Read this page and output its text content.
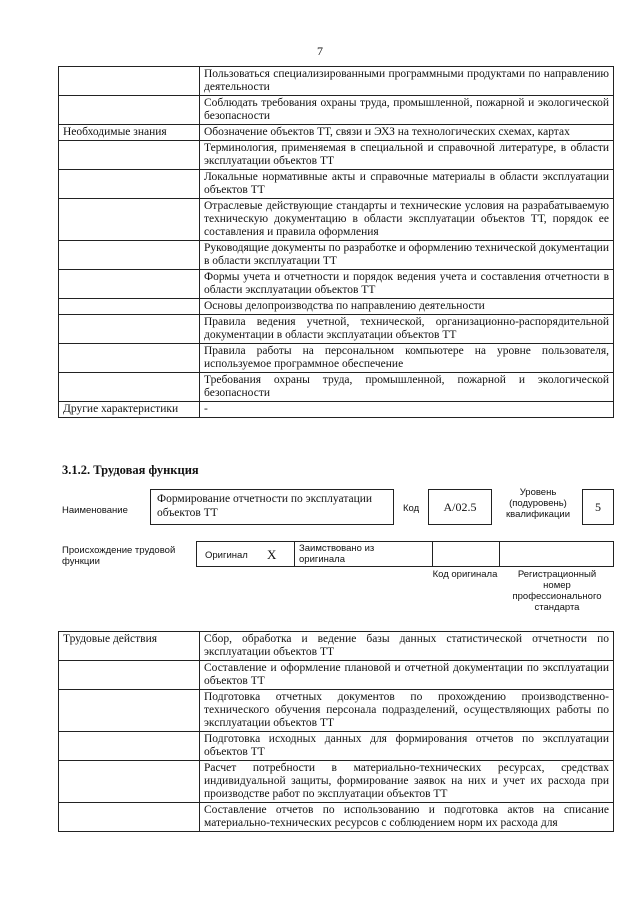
7
	Пользоваться специализированными программными продуктами по направлению деятельности
	Соблюдать требования охраны труда, промышленной, пожарной и экологической безопасности
Необходимые знания	Обозначение объектов ТТ, связи и ЭХЗ на технологических схемах, картах
	Терминология, применяемая в специальной и справочной литературе, в области эксплуатации объектов ТТ
	Локальные нормативные акты и справочные материалы в области эксплуатации объектов ТТ
	Отраслевые действующие стандарты и технические условия на разрабатываемую техническую документацию в области эксплуатации объектов ТТ, порядок ее составления и правила оформления
	Руководящие документы по разработке и оформлению технической документации в области эксплуатации ТТ
	Формы учета и отчетности и порядок ведения учета и составления отчетности в области эксплуатации объектов ТТ
	Основы делопроизводства по направлению деятельности
	Правила ведения учетной, технической, организационно-распорядительной документации в области эксплуатации объектов ТТ
	Правила работы на персональном компьютере на уровне пользователя, используемое программное обеспечение
	Требования охраны труда, промышленной, пожарной и экологической безопасности
Другие характеристики	-
3.1.2. Трудовая функция
Наименование
Формирование отчетности по эксплуатации объектов ТТ	Код	A/02.5
Уровень (подуровень) квалификации
5
Происхождение трудовой функции
Оригинал X Заимствовано из оригинала
Код оригинала	Регистрационный номер профессионального стандарта
Трудовые действия	Сбор, обработка и ведение базы данных статистической отчетности по эксплуатации объектов ТТ
	Составление и оформление плановой и отчетной документации по эксплуатации объектов ТТ
	Подготовка отчетных документов по прохождению производственно-технического обучения персонала подразделений, осуществляющих работы по эксплуатации объектов ТТ
	Подготовка исходных данных для формирования отчетов по эксплуатации объектов ТТ
	Расчет потребности в материально-технических ресурсах, средствах индивидуальной защиты, формирование заявок на них и учет их расхода при производстве работ по эксплуатации объектов ТТ
	Составление отчетов по использованию и подготовка актов на списание материально-технических ресурсов с соблюдением норм их расхода для
